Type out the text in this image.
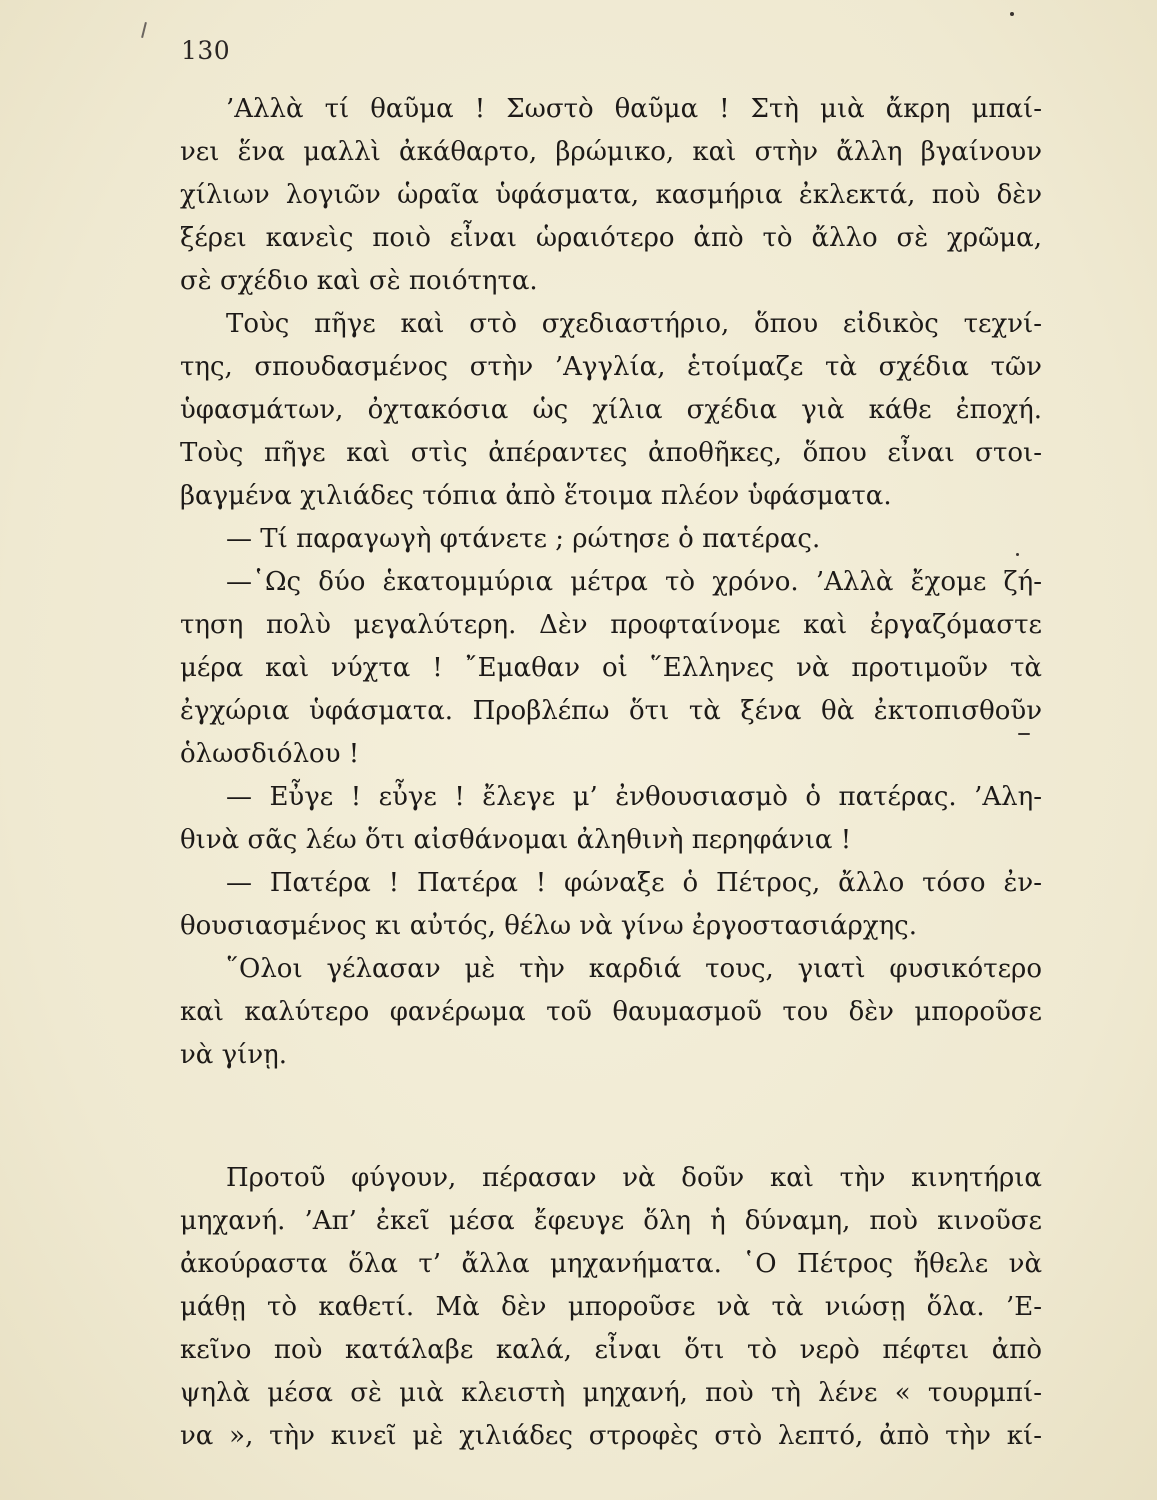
130
’Αλλὰ τί θαῦμα ! Σωστὸ θαῦμα ! Στὴ μιὰ ἄκρη μπαί-
νει ἕνα μαλλὶ ἀκάθαρτο, βρώμικο, καὶ στὴν ἄλλη βγαίνουν
χίλιων λογιῶν ὡραῖα ὑφάσματα, κασμήρια ἐκλεκτά, ποὺ δὲν
ξέρει κανεὶς ποιὸ εἶναι ὡραιότερο ἀπὸ τὸ ἄλλο σὲ χρῶμα,
σὲ σχέδιο καὶ σὲ ποιότητα.
Τοὺς πῆγε καὶ στὸ σχεδιαστήριο, ὅπου εἰδικὸς τεχνί-
της, σπουδασμένος στὴν ’Αγγλία, ἑτοίμαζε τὰ σχέδια τῶν
ὑφασμάτων, ὀχτακόσια ὡς χίλια σχέδια γιὰ κάθε ἐποχή.
Τοὺς πῆγε καὶ στὶς ἀπέραντες ἀποθῆκες, ὅπου εἶναι στοι-
βαγμένα χιλιάδες τόπια ἀπὸ ἕτοιμα πλέον ὑφάσματα.
— Τί παραγωγὴ φτάνετε ; ρώτησε ὁ πατέρας.
—῾Ως δύο ἑκατομμύρια μέτρα τὸ χρόνο. ’Αλλὰ ἔχομε ζή-
τηση πολὺ μεγαλύτερη. Δὲν προφταίνομε καὶ ἐργαζόμαστε
μέρα καὶ νύχτα ! ῎Εμαθαν οἱ ῞Ελληνες νὰ προτιμοῦν τὰ
ἐγχώρια ὑφάσματα. Προβλέπω ὅτι τὰ ξένα θὰ ἐκτοπισθοῦν
ὁλωσδιόλου !
— Εὖγε ! εὖγε ! ἔλεγε μ’ ἐνθουσιασμὸ ὁ πατέρας. ’Αλη-
θινὰ σᾶς λέω ὅτι αἰσθάνομαι ἀληθινὴ περηφάνια !
— Πατέρα ! Πατέρα ! φώναξε ὁ Πέτρος, ἄλλο τόσο ἐν-
θουσιασμένος κι αὐτός, θέλω νὰ γίνω ἐργοστασιάρχης.
῞Ολοι γέλασαν μὲ τὴν καρδιά τους, γιατὶ φυσικότερο
καὶ καλύτερο φανέρωμα τοῦ θαυμασμοῦ του δὲν μποροῦσε
νὰ γίνῃ.
Προτοῦ φύγουν, πέρασαν νὰ δοῦν καὶ τὴν κινητήρια
μηχανή. ’Απ’ ἐκεῖ μέσα ἔφευγε ὅλη ἡ δύναμη, ποὺ κινοῦσε
ἀκούραστα ὅλα τ’ ἄλλα μηχανήματα. ῾Ο Πέτρος ἤθελε νὰ
μάθῃ τὸ καθετί. Μὰ δὲν μποροῦσε νὰ τὰ νιώσῃ ὅλα. ’Ε-
κεῖνο ποὺ κατάλαβε καλά, εἶναι ὅτι τὸ νερὸ πέφτει ἀπὸ
ψηλὰ μέσα σὲ μιὰ κλειστὴ μηχανή, ποὺ τὴ λένε « τουρμπί-
να », τὴν κινεῖ μὲ χιλιάδες στροφὲς στὸ λεπτό, ἀπὸ τὴν κί-
